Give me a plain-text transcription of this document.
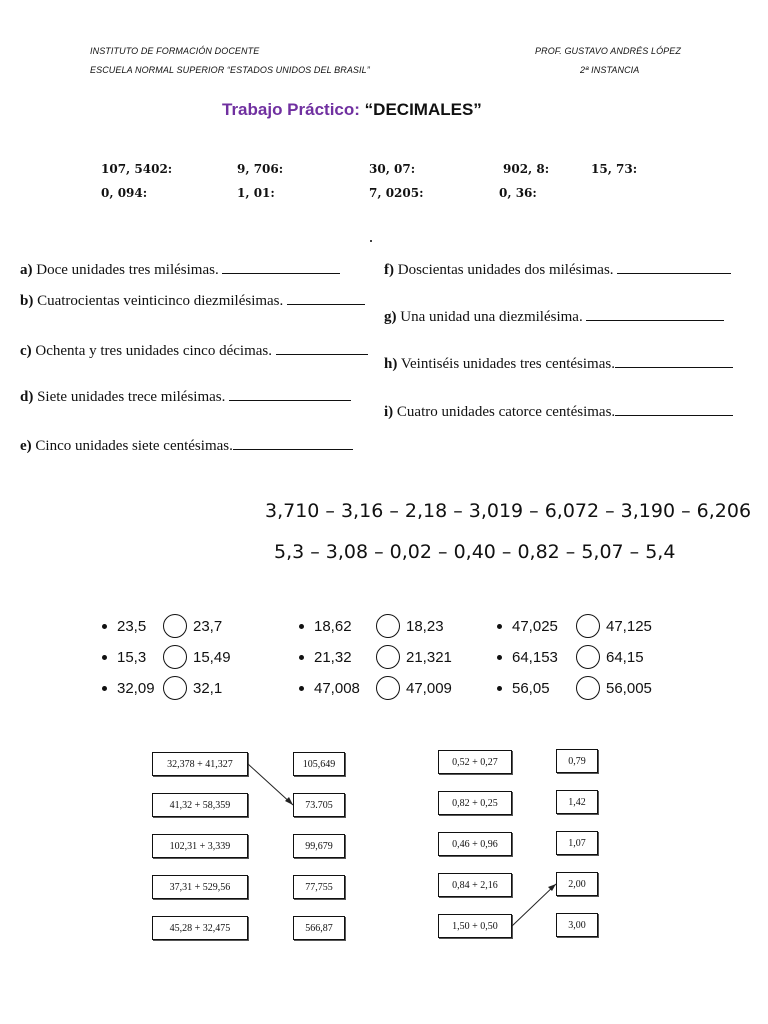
INSTITUTO DE FORMACIÓN DOCENTE
ESCUELA NORMAL SUPERIOR “ESTADOS UNIDOS DEL BRASIL”
PROF. GUSTAVO ANDRÉS LÓPEZ
2ª INSTANCIA
Trabajo Práctico: “DECIMALES”
107, 5402:	9, 706:	30, 07:	902, 8:	15, 73:
0, 094:	1, 01:	7, 0205:	0, 36:
a) Doce unidades tres milésimas.
b) Cuatrocientas veinticinco diezmilésimas.
c) Ochenta y tres unidades cinco décimas.
d) Siete unidades trece milésimas.
e) Cinco unidades siete centésimas.
f) Doscientas unidades dos milésimas.
g) Una unidad una diezmilésima.
h) Veintiséis unidades tres centésimas.
i) Cuatro unidades catorce centésimas.
3,710 – 3,16 – 2,18 – 3,019 – 6,072 – 3,190 – 6,206
5,3 – 3,08 – 0,02 – 0,40 – 0,82 – 5,07 – 5,4
23,5	23,7	18,62	18,23	47,025	47,125
15,3	15,49	21,32	21,321	64,153	64,15
32,09	32,1	47,008	47,009	56,05	56,005
32,378 + 41,327
41,32 + 58,359
102,31 + 3,339
37,31 + 529,56
45,28 + 32,475
105,649
73.705
99,679
77,755
566,87
0,52 + 0,27
0,82 + 0,25
0,46 + 0,96
0,84 + 2,16
1,50 + 0,50
0,79
1,42
1,07
2,00
3,00
